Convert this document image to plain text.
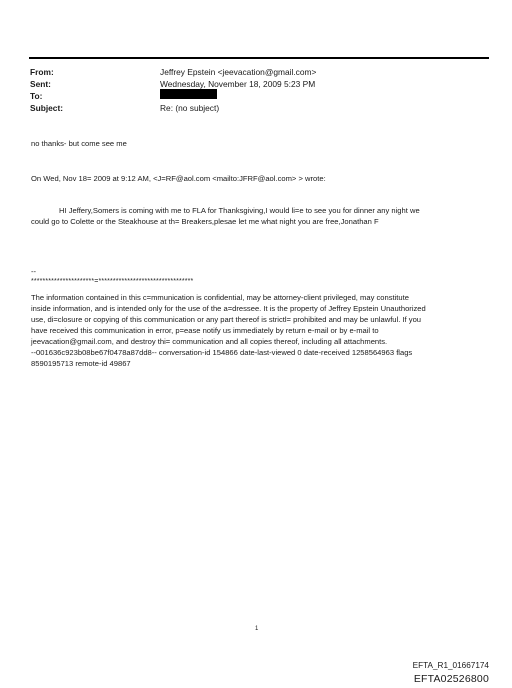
From:	Jeffrey Epstein <jeevacation@gmail.com>
Sent:	Wednesday, November 18, 2009 5:23 PM
To:
Subject:	Re: (no subject)
no thanks- but come see me
On Wed, Nov 18= 2009 at 9:12 AM, <J=RF@aol.com <mailto:JFRF@aol.com> > wrote:
HI Jeffery,Somers is coming with me to FLA for Thanksgiving,I would li=e to see you for dinner any night we
could go to Colette or the Steakhouse at th= Breakers,plesae let me what night you are free,Jonathan F
--
**********************=*********************************
The information contained in this c=mmunication is confidential, may be attorney-client privileged, may constitute
inside information, and is intended only for the use of the a=dressee. It is the property of Jeffrey Epstein Unauthorized
use, di=closure or copying of this communication or any part thereof is strictl= prohibited and may be unlawful. If you
have received this communication in error, p=ease notify us immediately by return e-mail or by e-mail to
jeevacation@gmail.com, and destroy thi= communication and all copies thereof, including all attachments.
--001636c923b08be67f0478a87dd8-- conversation-id 154866 date-last-viewed 0 date-received 1258564963 flags
8590195713 remote-id 49867
1
EFTA_R1_01667174
EFTA02526800
